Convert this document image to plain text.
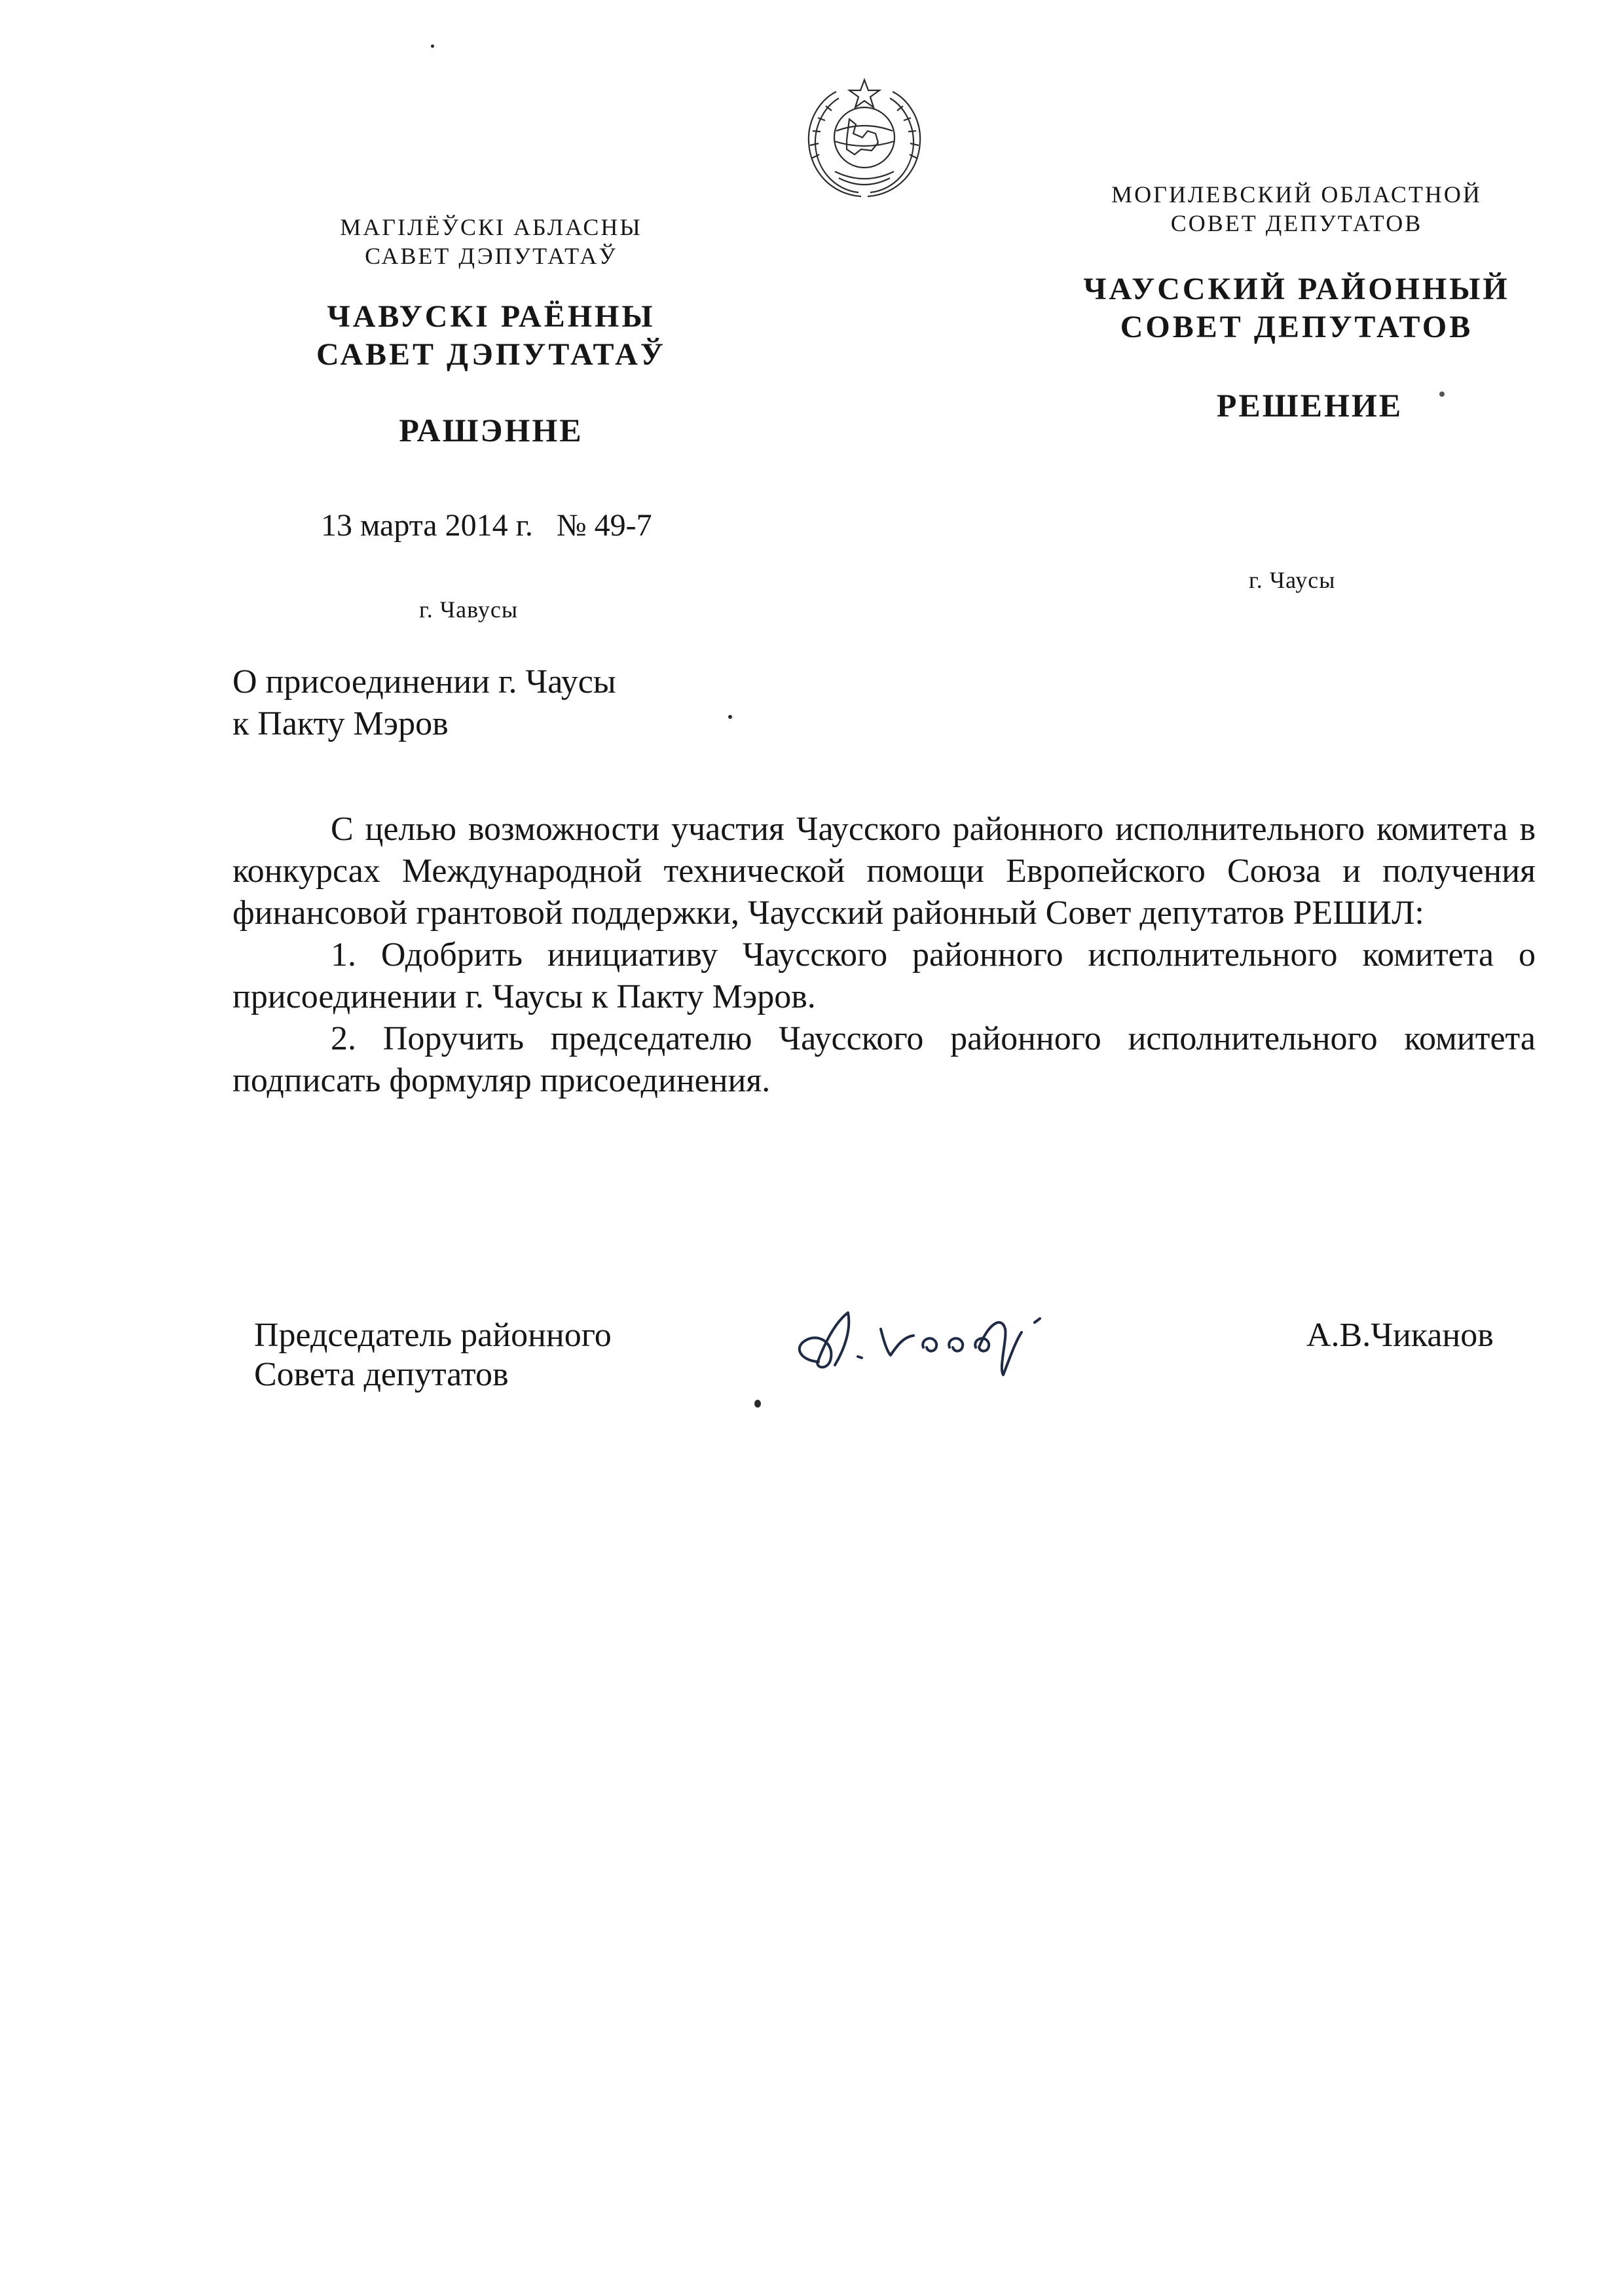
МАГІЛЁЎСКІ АБЛАСНЫ
САВЕТ ДЭПУТАТАЎ
ЧАВУСКІ РАЁННЫ
САВЕТ ДЭПУТАТАЎ
МОГИЛЕВСКИЙ ОБЛАСТНОЙ
СОВЕТ ДЕПУТАТОВ
ЧАУССКИЙ РАЙОННЫЙ
СОВЕТ ДЕПУТАТОВ
РАШЭННЕ
РЕШЕНИЕ
13 марта 2014 г.   № 49-7
г. Чавусы
г. Чаусы
О присоединении г. Чаусы
к Пакту Мэров

С целью возможности участия Чаусского районного исполнительного комитета в конкурсах Международной технической помощи Европейского Союза и получения финансовой грантовой поддержки, Чаусский районный Совет депутатов РЕШИЛ:

1. Одобрить инициативу Чаусского районного исполнительного комитета о присоединении г. Чаусы к Пакту Мэров.

2. Поручить председателю Чаусского районного исполнительного комитета подписать формуляр присоединения.

Председатель районного
Совета депутатов
А.В.Чиканов
